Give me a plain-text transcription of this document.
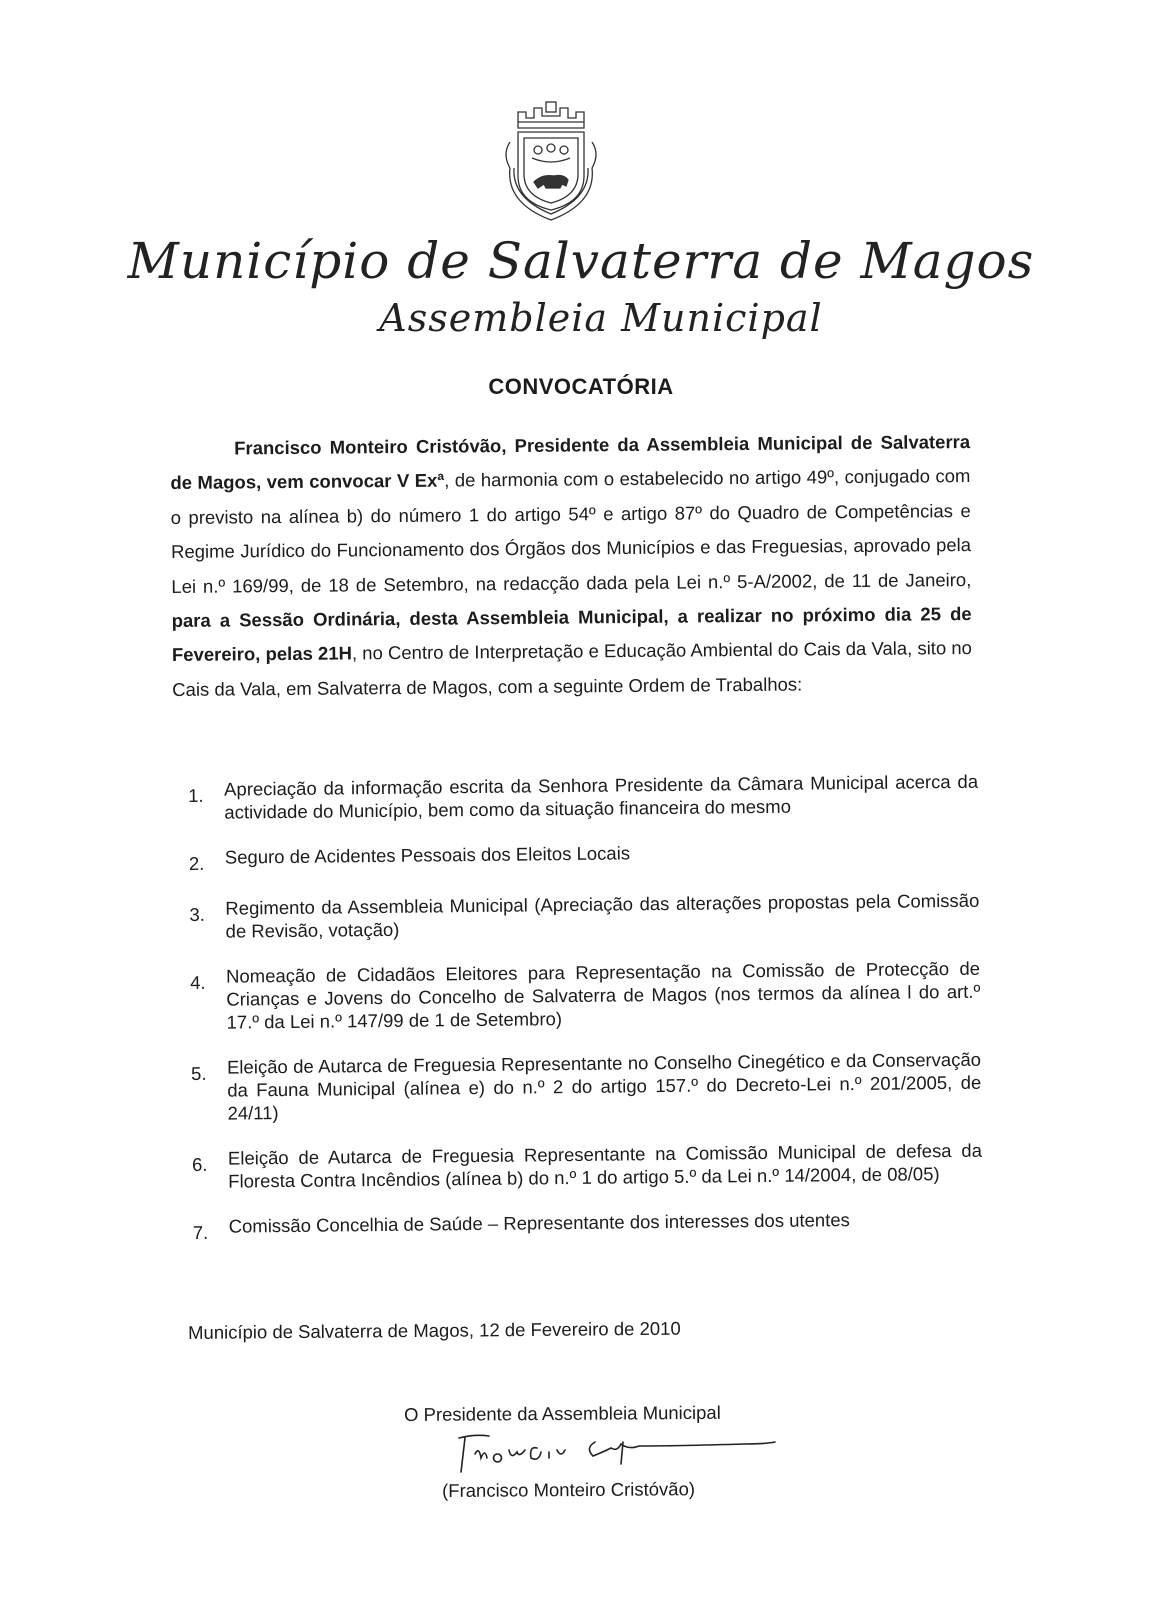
Município de Salvaterra de Magos
Assembleia Municipal
CONVOCATÓRIA

Francisco Monteiro Cristóvão, Presidente da Assembleia Municipal de Salvaterra de Magos, vem convocar V Exª, de harmonia com o estabelecido no artigo 49º, conjugado com o previsto na alínea b) do número 1 do artigo 54º e artigo 87º do Quadro de Competências e Regime Jurídico do Funcionamento dos Órgãos dos Municípios e das Freguesias, aprovado pela Lei n.º 169/99, de 18 de Setembro, na redacção dada pela Lei n.º 5-A/2002, de 11 de Janeiro, para a Sessão Ordinária, desta Assembleia Municipal, a realizar no próximo dia 25 de Fevereiro, pelas 21H, no Centro de Interpretação e Educação Ambiental do Cais da Vala, sito no Cais da Vala, em Salvaterra de Magos, com a seguinte Ordem de Trabalhos:

1.	Apreciação da informação escrita da Senhora Presidente da Câmara Municipal acerca da actividade do Município, bem como da situação financeira do mesmo
2.	Seguro de Acidentes Pessoais dos Eleitos Locais
3.	Regimento da Assembleia Municipal (Apreciação das alterações propostas pela Comissão de Revisão, votação)
4.	Nomeação de Cidadãos Eleitores para Representação na Comissão de Protecção de Crianças e Jovens do Concelho de Salvaterra de Magos (nos termos da alínea l do art.º 17.º da Lei n.º 147/99 de 1 de Setembro)
5.	Eleição de Autarca de Freguesia Representante no Conselho Cinegético e da Conservação da Fauna Municipal (alínea e) do n.º 2 do artigo 157.º do Decreto-Lei n.º 201/2005, de 24/11)
6.	Eleição de Autarca de Freguesia Representante na Comissão Municipal de defesa da Floresta Contra Incêndios (alínea b) do n.º 1 do artigo 5.º da Lei n.º 14/2004, de 08/05)
7.	Comissão Concelhia de Saúde – Representante dos interesses dos utentes
Município de Salvaterra de Magos, 12 de Fevereiro de 2010
O Presidente da Assembleia Municipal
(Francisco Monteiro Cristóvão)
